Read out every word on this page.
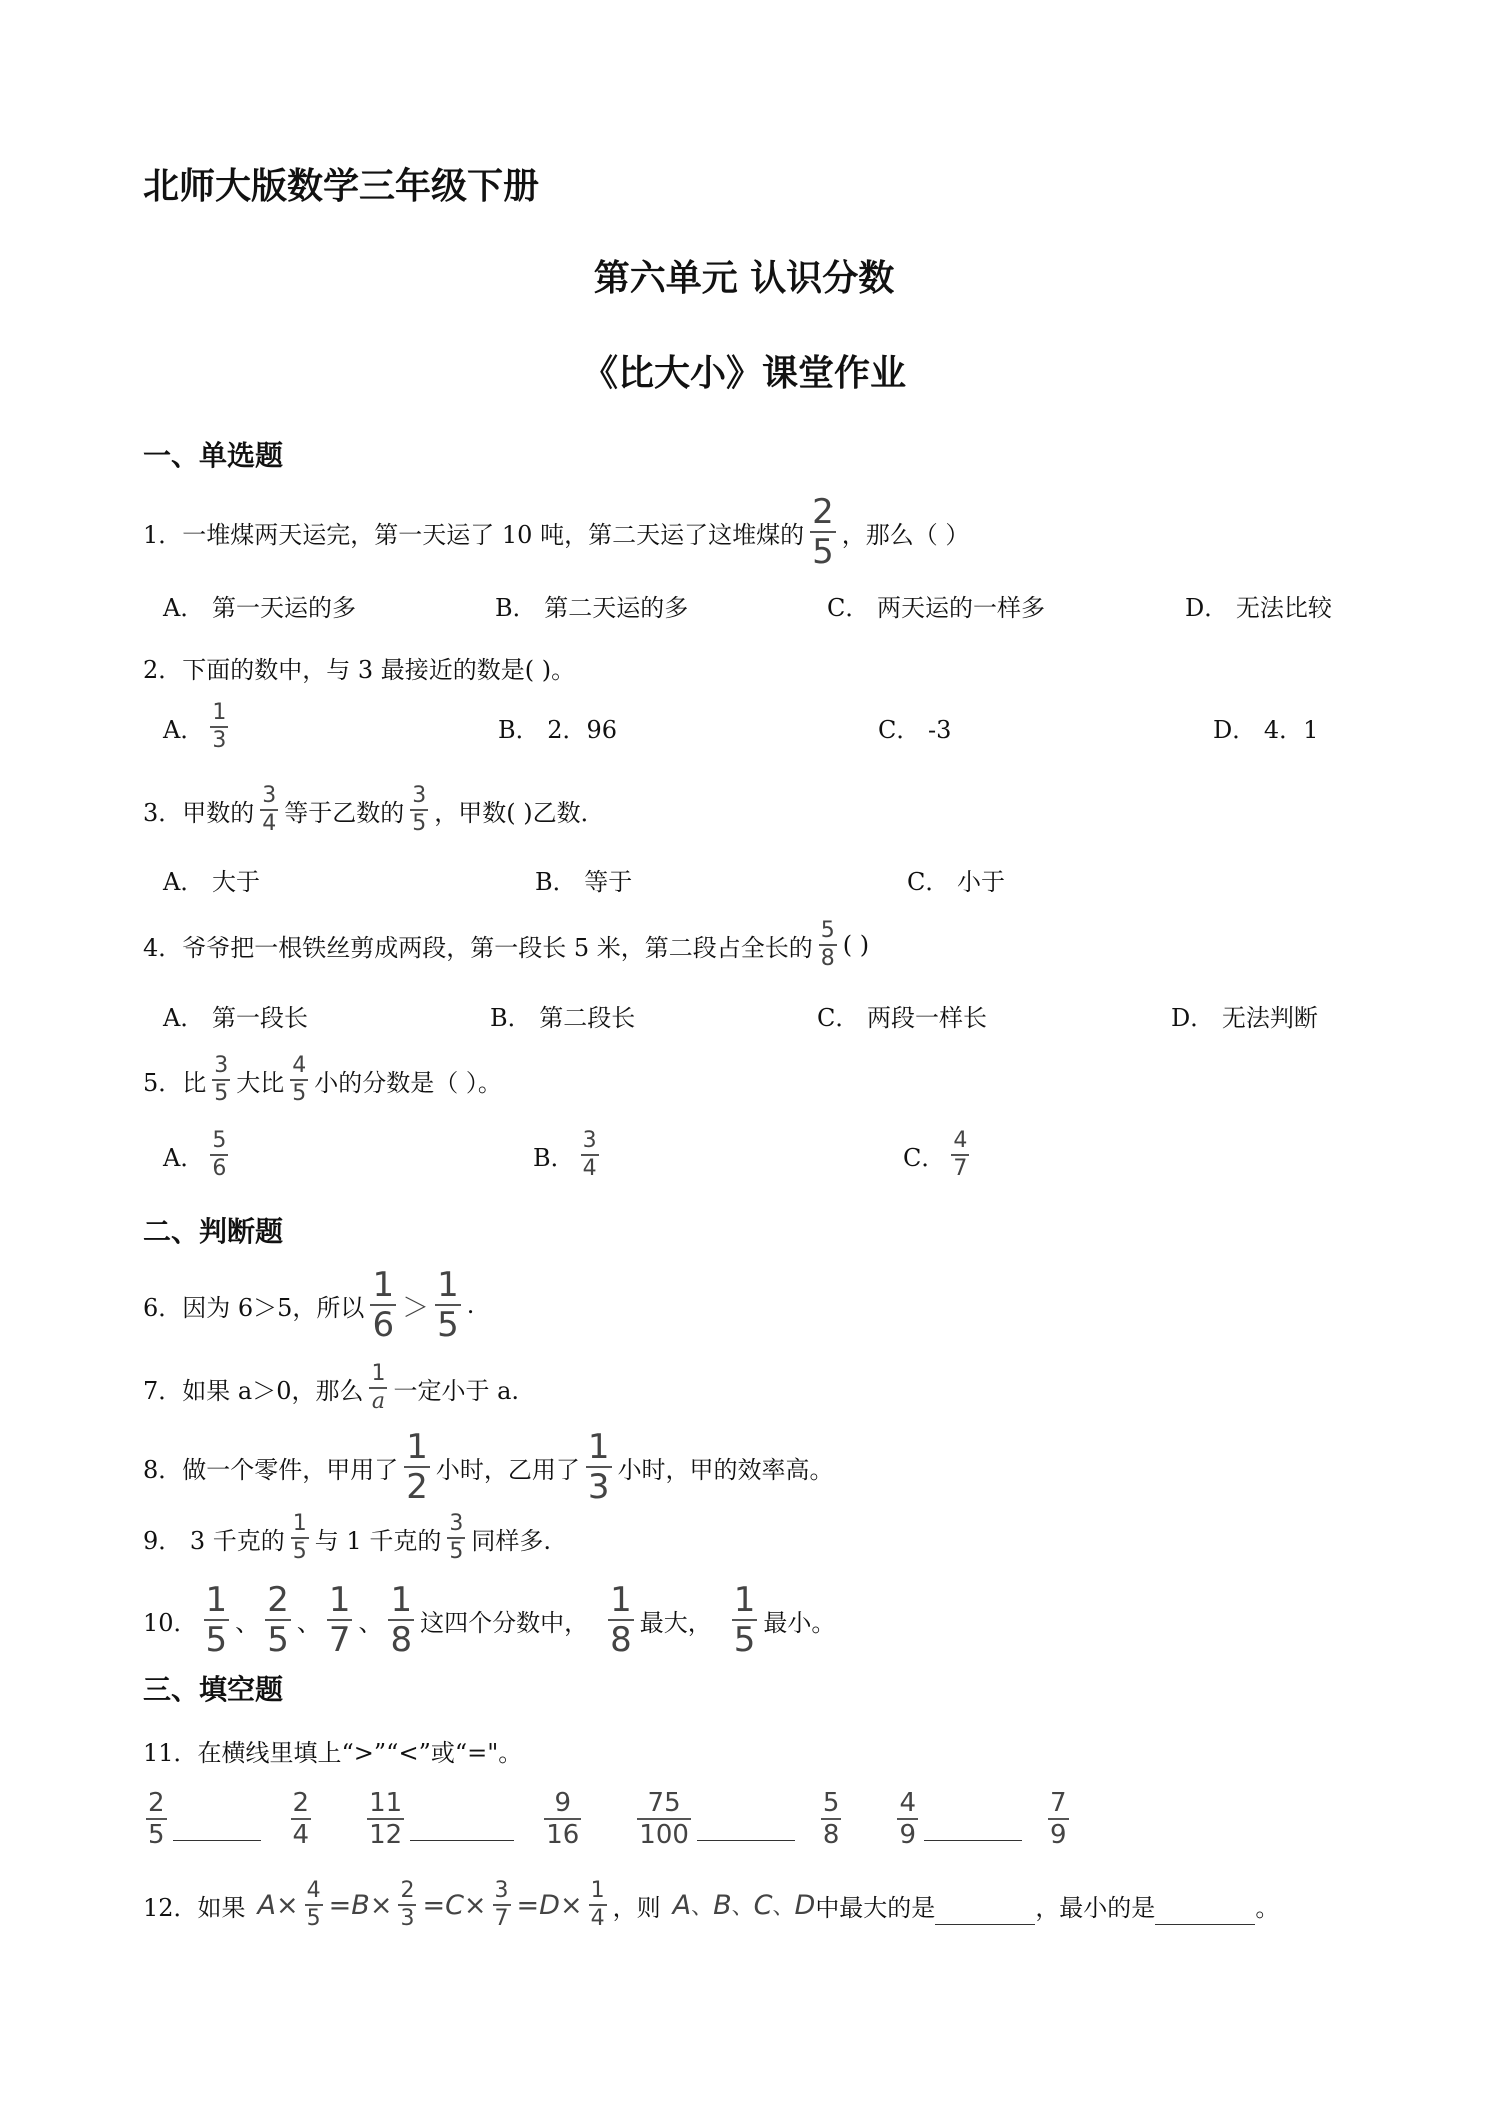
北师大版数学三年级下册
第六单元 认识分数
《比大小》课堂作业
一、单选题
1．一堆煤两天运完，第一天运了 10 吨，第二天运了这堆煤的 $\frac{2}{5}$ ，那么（ ）
A． 第一天运的多	B． 第二天运的多	C． 两天运的一样多	D． 无法比较
2．下面的数中，与 3 最接近的数是( )。
A． $\frac{1}{3}$	B． 2．96	C． -3	D． 4．1
3．甲数的 $\frac{3}{4}$ 等于乙数的 $\frac{3}{5}$ ，甲数( )乙数．
A． 大于	B． 等于	C． 小于
4．爷爷把一根铁丝剪成两段，第一段长 5 米，第二段占全长的 $\frac{5}{8}$ ( )
A． 第一段长	B． 第二段长	C． 两段一样长	D． 无法判断
5．比 $\frac{3}{5}$ 大比 $\frac{4}{5}$ 小的分数是（ ）。
A． $\frac{5}{6}$	B． $\frac{3}{4}$	C． $\frac{4}{7}$
二、判断题
6．因为 6＞5，所以 $\frac{1}{6} > \frac{1}{5}$ .
7．如果 a＞0，那么 $\frac{1}{a}$ 一定小于 a.
8．做一个零件，甲用了 $\frac{1}{2}$ 小时，乙用了 $\frac{1}{3}$ 小时，甲的效率高。
9． 3 千克的 $\frac{1}{5}$ 与 1 千克的 $\frac{3}{5}$ 同样多.
10． $\frac{1}{5}$ 、 $\frac{2}{5}$ 、 $\frac{1}{7}$ 、 $\frac{1}{8}$ 这四个分数中， $\frac{1}{8}$ 最大， $\frac{1}{5}$ 最小。
三、填空题
11．在横线里填上“>”“<”或“="。
$\frac{2}{5}$	$\frac{2}{4} \frac{11}{12}$	$\frac{9}{16} \frac{75}{100}$	$\frac{5}{8} \frac{4}{9}$	$\frac{7}{9}$
12．如果 $A \times \frac{4}{5} = B \times \frac{2}{3} = C \times \frac{3}{7} = D \times \frac{1}{4}$ ，则 A 、 B 、 C 、 D 中最大的是	，最小的是	。
